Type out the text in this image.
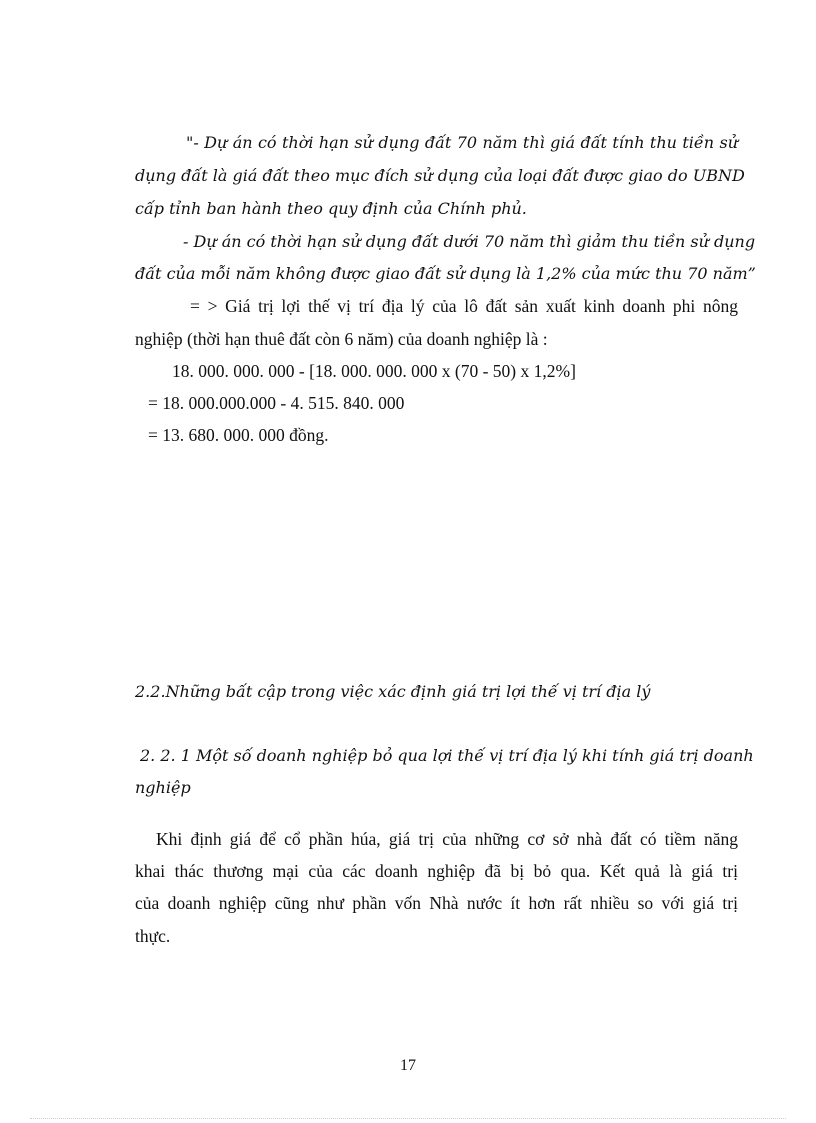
"- Dự án có thời hạn sử dụng đất 70 năm thì giá đất tính thu tiền sử
dụng đất là giá đất theo mục đích sử dụng của loại đất được giao do UBND
cấp tỉnh ban hành theo quy định của Chính phủ.
- Dự án có thời hạn sử dụng đất dưới 70 năm thì giảm thu tiền sử dụng
đất của mỗi năm không được giao đất sử dụng là 1,2% của mức thu 70 năm”
= > Giá trị lợi thế vị trí địa lý của lô đất sản xuất kinh doanh phi nông
nghiệp (thời hạn thuê đất còn 6 năm) của doanh nghiệp là :
18. 000. 000. 000 - [18. 000. 000. 000 x (70 - 50) x 1,2%]
= 18. 000.000.000 - 4. 515. 840. 000
= 13. 680. 000. 000 đồng.
2.2.Những bất cập trong việc xác định giá trị lợi thế vị trí địa lý
2. 2. 1 Một số doanh nghiệp bỏ qua lợi thế vị trí địa lý khi tính giá trị doanh
nghiệp
Khi định giá để cổ phần húa, giá trị của những cơ sở nhà đất có tiềm năng
khai thác thương mại của các doanh nghiệp đã bị bỏ qua. Kết quả là giá trị
của doanh nghiệp cũng như phần vốn Nhà nước ít hơn rất nhiều so với giá trị
thực.
17
